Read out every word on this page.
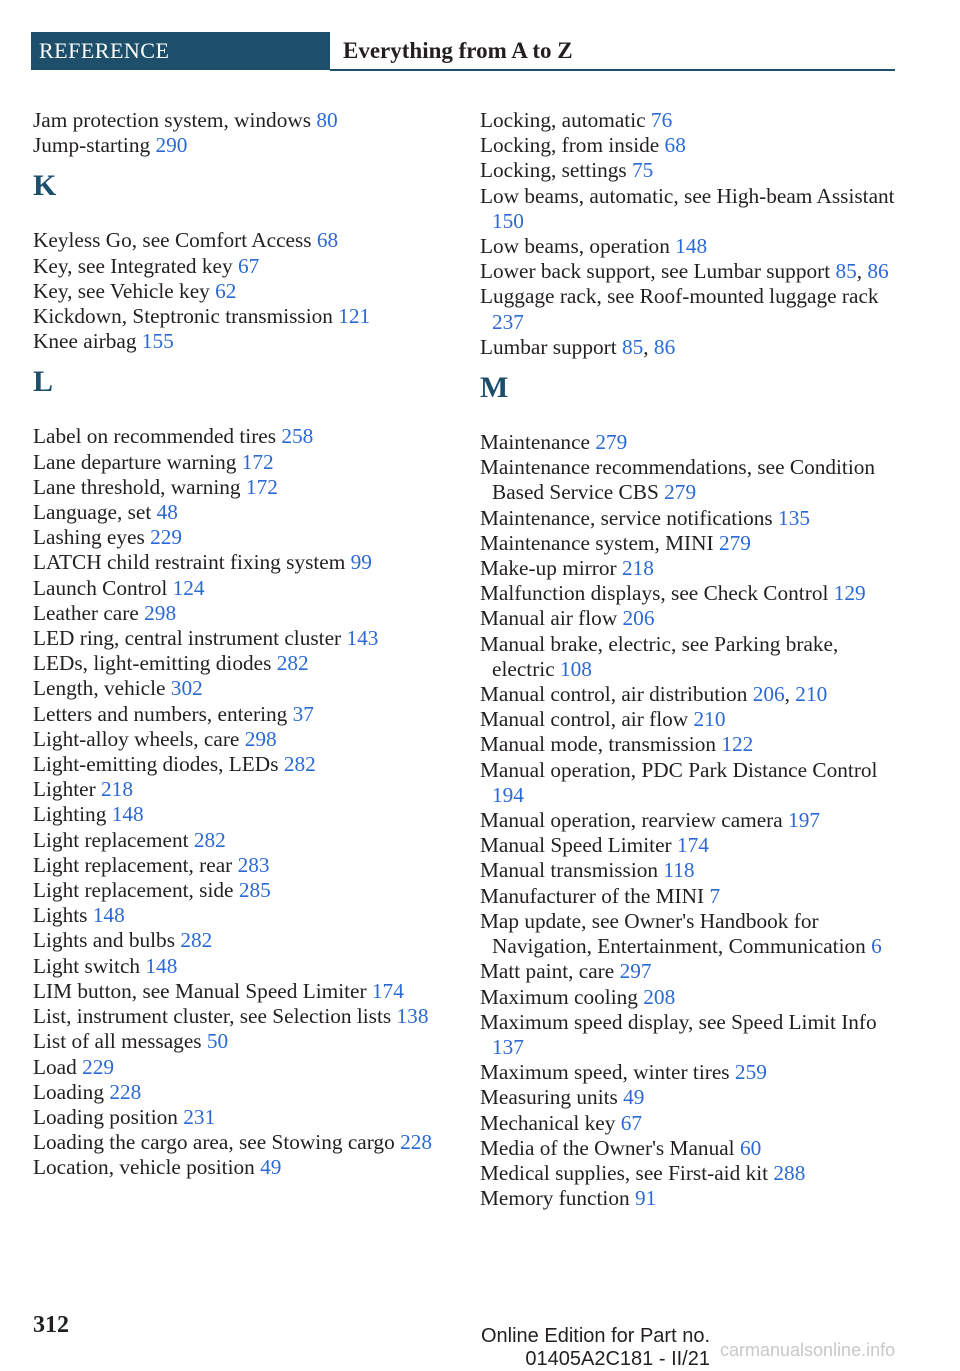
REFERENCE	Everything from A to Z
Jam protection system, windows 80
Jump-starting 290
K
Keyless Go, see Comfort Access 68
Key, see Integrated key 67
Key, see Vehicle key 62
Kickdown, Steptronic transmission 121
Knee airbag 155
L
Label on recommended tires 258
Lane departure warning 172
Lane threshold, warning 172
Language, set 48
Lashing eyes 229
LATCH child restraint fixing system 99
Launch Control 124
Leather care 298
LED ring, central instrument cluster 143
LEDs, light-emitting diodes 282
Length, vehicle 302
Letters and numbers, entering 37
Light-alloy wheels, care 298
Light-emitting diodes, LEDs 282
Lighter 218
Lighting 148
Light replacement 282
Light replacement, rear 283
Light replacement, side 285
Lights 148
Lights and bulbs 282
Light switch 148
LIM button, see Manual Speed Limiter 174
List, instrument cluster, see Selection lists 138
List of all messages 50
Load 229
Loading 228
Loading position 231
Loading the cargo area, see Stowing cargo 228
Location, vehicle position 49
Locking, automatic 76
Locking, from inside 68
Locking, settings 75
Low beams, automatic, see High-beam Assistant 150
Low beams, operation 148
Lower back support, see Lumbar support 85, 86
Luggage rack, see Roof-mounted luggage rack 237
Lumbar support 85, 86
M
Maintenance 279
Maintenance recommendations, see Condition Based Service CBS 279
Maintenance, service notifications 135
Maintenance system, MINI 279
Make-up mirror 218
Malfunction displays, see Check Control 129
Manual air flow 206
Manual brake, electric, see Parking brake, electric 108
Manual control, air distribution 206, 210
Manual control, air flow 210
Manual mode, transmission 122
Manual operation, PDC Park Distance Control 194
Manual operation, rearview camera 197
Manual Speed Limiter 174
Manual transmission 118
Manufacturer of the MINI 7
Map update, see Owner's Handbook for Navigation, Entertainment, Communication 6
Matt paint, care 297
Maximum cooling 208
Maximum speed display, see Speed Limit Info 137
Maximum speed, winter tires 259
Measuring units 49
Mechanical key 67
Media of the Owner's Manual 60
Medical supplies, see First-aid kit 288
Memory function 91
312	Online Edition for Part no. 01405A2C181 - II/21 carmanualsonline.info
